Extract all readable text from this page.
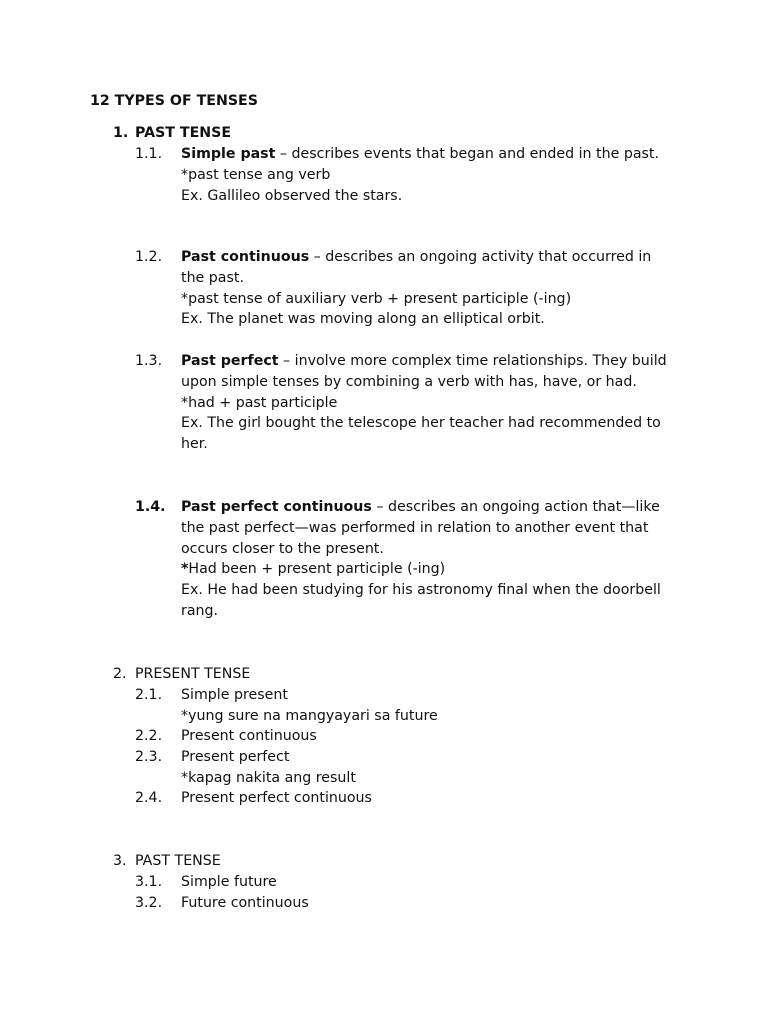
12 TYPES OF TENSES
1. PAST TENSE
1.1. Simple past – describes events that began and ended in the past.
*past tense ang verb
Ex. Gallileo observed the stars.
1.2. Past continuous – describes an ongoing activity that occurred in the past.
*past tense of auxiliary verb + present participle (-ing)
Ex. The planet was moving along an elliptical orbit.
1.3. Past perfect – involve more complex time relationships. They build upon simple tenses by combining a verb with has, have, or had.
*had + past participle
Ex. The girl bought the telescope her teacher had recommended to her.
1.4. Past perfect continuous – describes an ongoing action that—like the past perfect—was performed in relation to another event that occurs closer to the present.
*Had been + present participle (-ing)
Ex. He had been studying for his astronomy final when the doorbell rang.
2. PRESENT TENSE
2.1. Simple present
*yung sure na mangyayari sa future
2.2. Present continuous
2.3. Present perfect
*kapag nakita ang result
2.4. Present perfect continuous
3. PAST TENSE
3.1. Simple future
3.2. Future continuous
